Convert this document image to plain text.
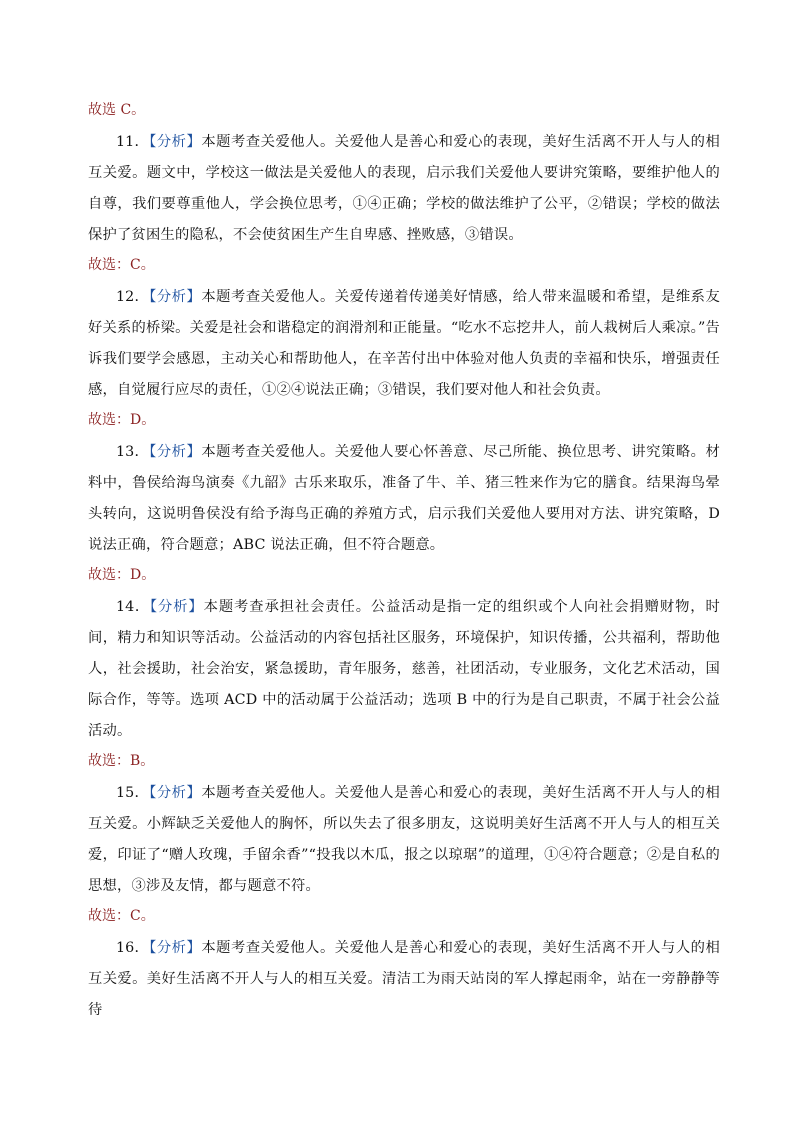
故选 C。

11．【分析】本题考查关爱他人。关爱他人是善心和爱心的表现，美好生活离不开人与人的相互关爱。题文中，学校这一做法是关爱他人的表现，启示我们关爱他人要讲究策略，要维护他人的自尊，我们要尊重他人，学会换位思考，①④正确；学校的做法维护了公平，②错误；学校的做法保护了贫困生的隐私，不会使贫困生产生自卑感、挫败感，③错误。

故选：C。

12．【分析】本题考查关爱他人。关爱传递着传递美好情感，给人带来温暖和希望，是维系友好关系的桥梁。关爱是社会和谐稳定的润滑剂和正能量。“吃水不忘挖井人，前人栽树后人乘凉。”告诉我们要学会感恩，主动关心和帮助他人，在辛苦付出中体验对他人负责的幸福和快乐，增强责任感，自觉履行应尽的责任，①②④说法正确；③错误，我们要对他人和社会负责。

故选：D。

13．【分析】本题考查关爱他人。关爱他人要心怀善意、尽己所能、换位思考、讲究策略。材料中，鲁侯给海鸟演奏《九韶》古乐来取乐，准备了牛、羊、猪三牲来作为它的膳食。结果海鸟晕头转向，这说明鲁侯没有给予海鸟正确的养殖方式，启示我们关爱他人要用对方法、讲究策略，D 说法正确，符合题意；ABC 说法正确，但不符合题意。

故选：D。

14．【分析】本题考查承担社会责任。公益活动是指一定的组织或个人向社会捐赠财物，时间，精力和知识等活动。公益活动的内容包括社区服务，环境保护，知识传播，公共福利，帮助他人，社会援助，社会治安，紧急援助，青年服务，慈善，社团活动，专业服务，文化艺术活动，国际合作，等等。选项 ACD 中的活动属于公益活动；选项 B 中的行为是自己职责，不属于社会公益活动。

故选：B。

15．【分析】本题考查关爱他人。关爱他人是善心和爱心的表现，美好生活离不开人与人的相互关爱。小辉缺乏关爱他人的胸怀，所以失去了很多朋友，这说明美好生活离不开人与人的相互关爱，印证了“赠人玫瑰，手留余香”“投我以木瓜，报之以琼琚”的道理，①④符合题意；②是自私的思想，③涉及友情，都与题意不符。

故选：C。

16．【分析】本题考查关爱他人。关爱他人是善心和爱心的表现，美好生活离不开人与人的相互关爱。美好生活离不开人与人的相互关爱。清洁工为雨天站岗的军人撑起雨伞，站在一旁静静等待
